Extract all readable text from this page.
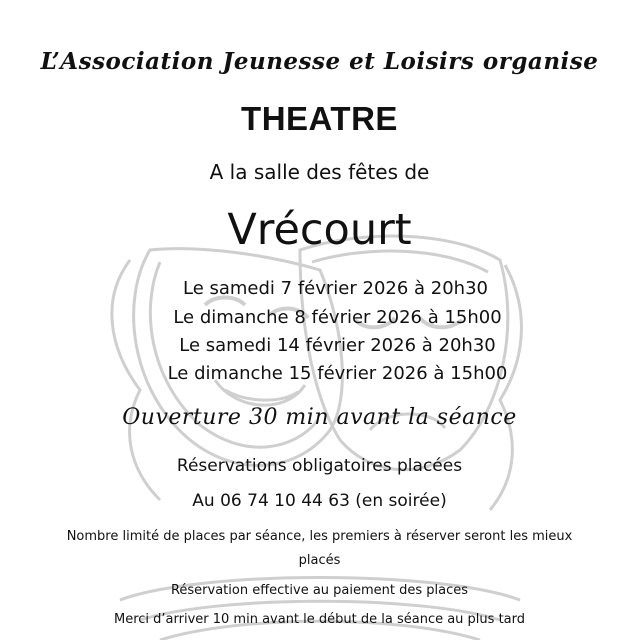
L’Association Jeunesse et Loisirs organise
THEATRE
A la salle des fêtes de
Vrécourt
Le samedi 7 février 2026 à 20h30
Le dimanche 8 février 2026 à 15h00
Le samedi 14 février 2026 à 20h30
Le dimanche 15 février 2026 à 15h00
Ouverture 30 min avant la séance
Réservations obligatoires placées
Au 06 74 10 44 63 (en soirée)
Nombre limité de places par séance, les premiers à réserver seront les mieux
placés
Réservation effective au paiement des places
Merci d’arriver 10 min avant le début de la séance au plus tard
